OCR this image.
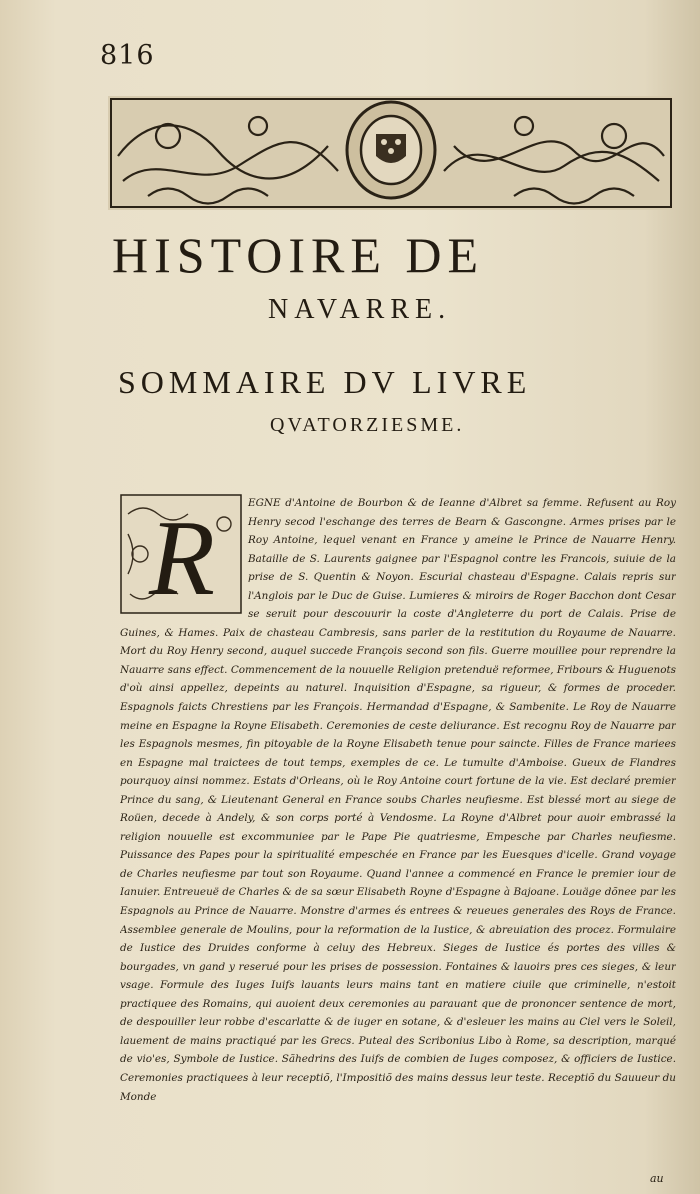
816
HISTOIRE DE
NAVARRE.
SOMMAIRE DV LIVRE
QVATORZIESME.
R	EGNE d'Antoine de Bourbon & de Ieanne d'Albret sa femme. Refusent au Roy Henry secod l'eschange des terres de Bearn & Gascongne. Armes prises par le Roy Antoine, lequel venant en France y ameine le Prince de Nauarre Henry. Bataille de S. Laurents gaignee par l'Espagnol contre les Francois, suiuie de la prise de S. Quentin & Noyon. Escurial chasteau d'Espagne. Calais repris sur l'Anglois par le Duc de Guise. Lumieres & miroirs de Roger Bacchon dont Cesar se seruit pour descouurir la coste d'Angleterre du port de Calais. Prise de Guines, & Hames. Paix de chasteau Cambresis, sans parler de la restitution du Royaume de Nauarre. Mort du Roy Henry second, auquel succede François second son fils. Guerre mouillee pour reprendre la Nauarre sans effect. Commencement de la nouuelle Religion pretenduë reformee, Fribours & Huguenots d'où ainsi appellez, depeints au naturel. Inquisition d'Espagne, sa rigueur, & formes de proceder. Espagnols faicts Chrestiens par les François. Hermandad d'Espagne, & Sambenite. Le Roy de Nauarre meine en Espagne la Royne Elisabeth. Ceremonies de ceste deliurance. Est recognu Roy de Nauarre par les Espagnols mesmes, fin pitoyable de la Royne Elisabeth tenue pour saincte. Filles de France mariees en Espagne mal traictees de tout temps, exemples de ce. Le tumulte d'Amboise. Gueux de Flandres pourquoy ainsi nommez. Estats d'Orleans, où le Roy Antoine court fortune de la vie. Est declaré premier Prince du sang, & Lieutenant General en France soubs Charles neufiesme. Est blessé mort au siege de Roüen, decede à Andely, & son corps porté à Vendosme. La Royne d'Albret pour auoir embrassé la religion nouuelle est excommuniee par le Pape Pie quatriesme, Empesche par Charles neufiesme. Puissance des Papes pour la spiritualité empeschée en France par les Euesques d'icelle. Grand voyage de Charles neufiesme par tout son Royaume. Quand l'annee a commencé en France le premier iour de Ianuier. Entreueuë de Charles & de sa sœur Elisabeth Royne d'Espagne à Bajoane. Louäge dõnee par les Espagnols au Prince de Nauarre. Monstre d'armes és entrees & reueues generales des Roys de France. Assemblee generale de Moulins, pour la reformation de la Iustice, & abreuiation des procez. Formulaire de Iustice des Druides conforme à celuy des Hebreux. Sieges de Iustice és portes des villes & bourgades, vn gand y reserué pour les prises de possession. Fontaines & lauoirs pres ces sieges, & leur vsage. Formule des Iuges Iuifs lauants leurs mains tant en matiere ciuile que criminelle, n'estoit practiquee des Romains, qui auoient deux ceremonies au parauant que de prononcer sentence de mort, de despouiller leur robbe d'escarlatte & de iuger en sotane, & d'esleuer les mains au Ciel vers le Soleil, lauement de mains practiqué par les Grecs. Puteal des Scribonius Libo à Rome, sa description, marqué de vio'es, Symbole de Iustice. Sãhedrins des Iuifs de combien de Iuges composez, & officiers de Iustice. Ceremonies practiquees à leur receptiõ, l'Impositiõ des mains dessus leur teste. Receptiõ du Sauueur du Monde
au
